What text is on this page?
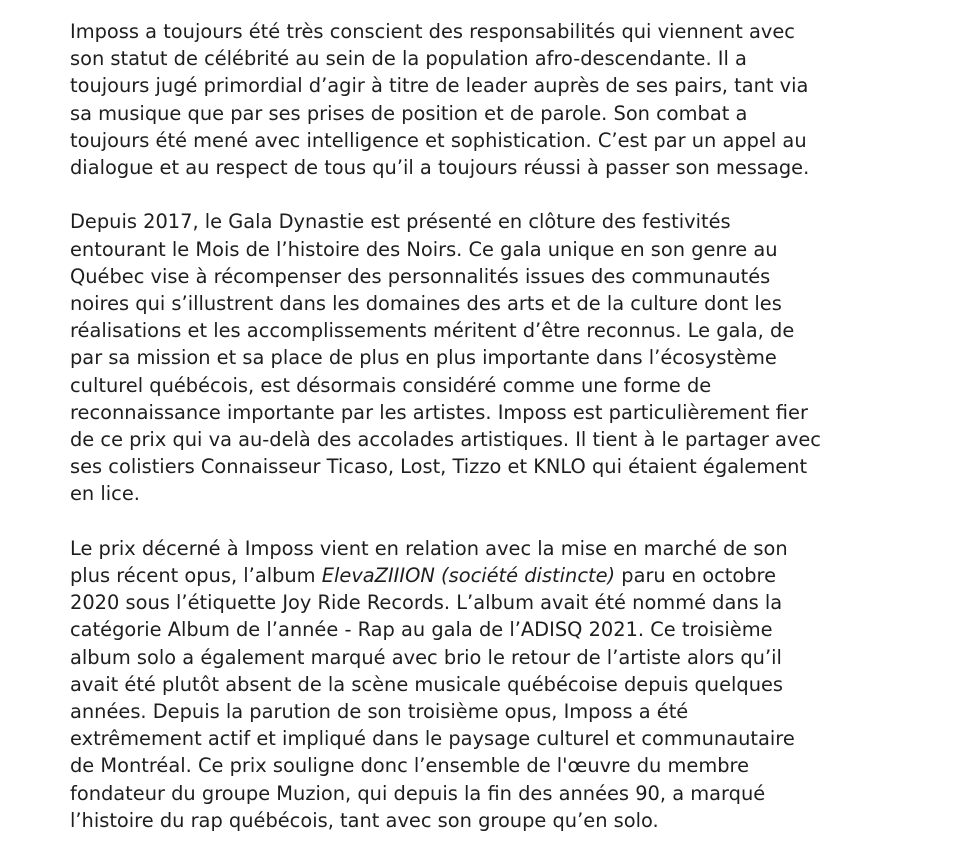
Imposs a toujours été très conscient des responsabilités qui viennent avec
son statut de célébrité au sein de la population afro-descendante. Il a
toujours jugé primordial d’agir à titre de leader auprès de ses pairs, tant via
sa musique que par ses prises de position et de parole. Son combat a
toujours été mené avec intelligence et sophistication. C’est par un appel au
dialogue et au respect de tous qu’il a toujours réussi à passer son message.

Depuis 2017, le Gala Dynastie est présenté en clôture des festivités
entourant le Mois de l’histoire des Noirs. Ce gala unique en son genre au
Québec vise à récompenser des personnalités issues des communautés
noires qui s’illustrent dans les domaines des arts et de la culture dont les
réalisations et les accomplissements méritent d’être reconnus. Le gala, de
par sa mission et sa place de plus en plus importante dans l’écosystème
culturel québécois, est désormais considéré comme une forme de
reconnaissance importante par les artistes. Imposs est particulièrement fier
de ce prix qui va au-delà des accolades artistiques. Il tient à le partager avec
ses colistiers Connaisseur Ticaso, Lost, Tizzo et KNLO qui étaient également
en lice.

Le prix décerné à Imposs vient en relation avec la mise en marché de son
plus récent opus, l’album ElevaZIIION (société distincte) paru en octobre
2020 sous l’étiquette Joy Ride Records. L’album avait été nommé dans la
catégorie Album de l’année - Rap au gala de l’ADISQ 2021. Ce troisième
album solo a également marqué avec brio le retour de l’artiste alors qu’il
avait été plutôt absent de la scène musicale québécoise depuis quelques
années. Depuis la parution de son troisième opus, Imposs a été
extrêmement actif et impliqué dans le paysage culturel et communautaire
de Montréal. Ce prix souligne donc l’ensemble de l'œuvre du membre
fondateur du groupe Muzion, qui depuis la fin des années 90, a marqué
l’histoire du rap québécois, tant avec son groupe qu’en solo.
